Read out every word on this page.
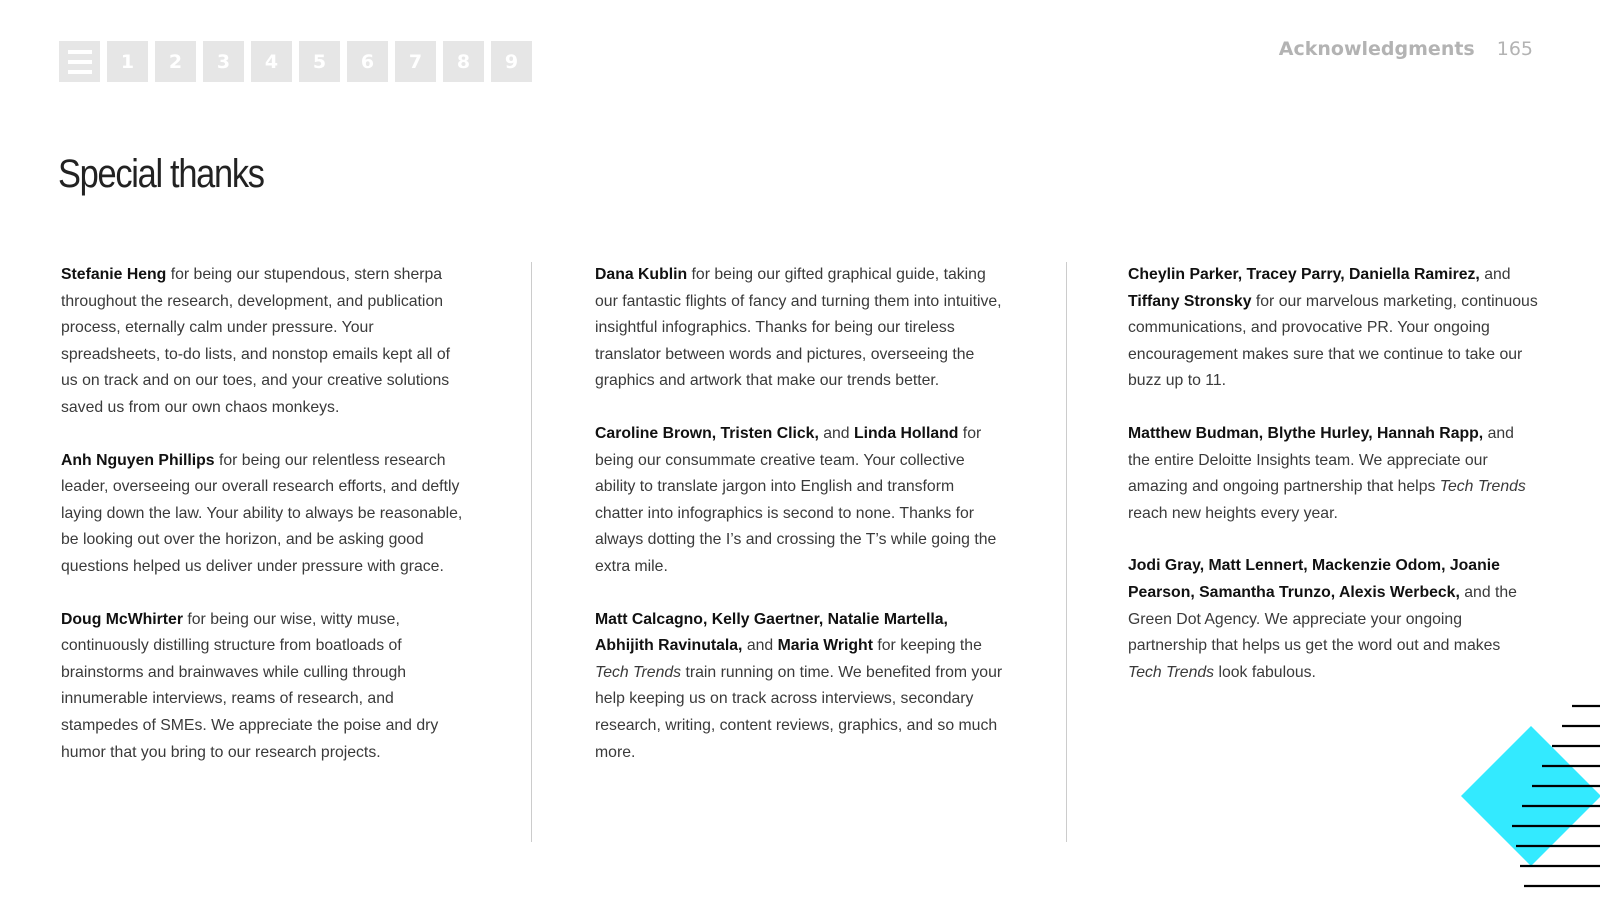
1	2	3	4	5	6	7	8	9
Acknowledgments 165
Special thanks

Stefanie Heng for being our stupendous, stern sherpa throughout the research, development, and publication process, eternally calm under pressure. Your spreadsheets, to-do lists, and nonstop emails kept all of us on track and on our toes, and your creative solutions saved us from our own chaos monkeys.

Anh Nguyen Phillips for being our relentless research leader, overseeing our overall research efforts, and deftly laying down the law. Your ability to always be reasonable, be looking out over the horizon, and be asking good questions helped us deliver under pressure with grace.

Doug McWhirter for being our wise, witty muse, continuously distilling structure from boatloads of brainstorms and brainwaves while culling through innumerable interviews, reams of research, and stampedes of SMEs. We appreciate the poise and dry humor that you bring to our research projects.

Dana Kublin for being our gifted graphical guide, taking our fantastic flights of fancy and turning them into intuitive, insightful infographics. Thanks for being our tireless translator between words and pictures, overseeing the graphics and artwork that make our trends better.

Caroline Brown, Tristen Click, and Linda Holland for being our consummate creative team. Your collective ability to translate jargon into English and transform chatter into infographics is second to none. Thanks for always dotting the I’s and crossing the T’s while going the extra mile.

Matt Calcagno, Kelly Gaertner, Natalie Martella, Abhijith Ravinutala, and Maria Wright for keeping the Tech Trends train running on time. We benefited from your help keeping us on track across interviews, secondary research, writing, content reviews, graphics, and so much more.

Cheylin Parker, Tracey Parry, Daniella Ramirez, and Tiffany Stronsky for our marvelous marketing, continuous communications, and provocative PR. Your ongoing encouragement makes sure that we continue to take our buzz up to 11.

Matthew Budman, Blythe Hurley, Hannah Rapp, and the entire Deloitte Insights team. We appreciate our amazing and ongoing partnership that helps Tech Trends reach new heights every year.

Jodi Gray, Matt Lennert, Mackenzie Odom, Joanie Pearson, Samantha Trunzo, Alexis Werbeck, and the Green Dot Agency. We appreciate your ongoing partnership that helps us get the word out and makes Tech Trends look fabulous.
